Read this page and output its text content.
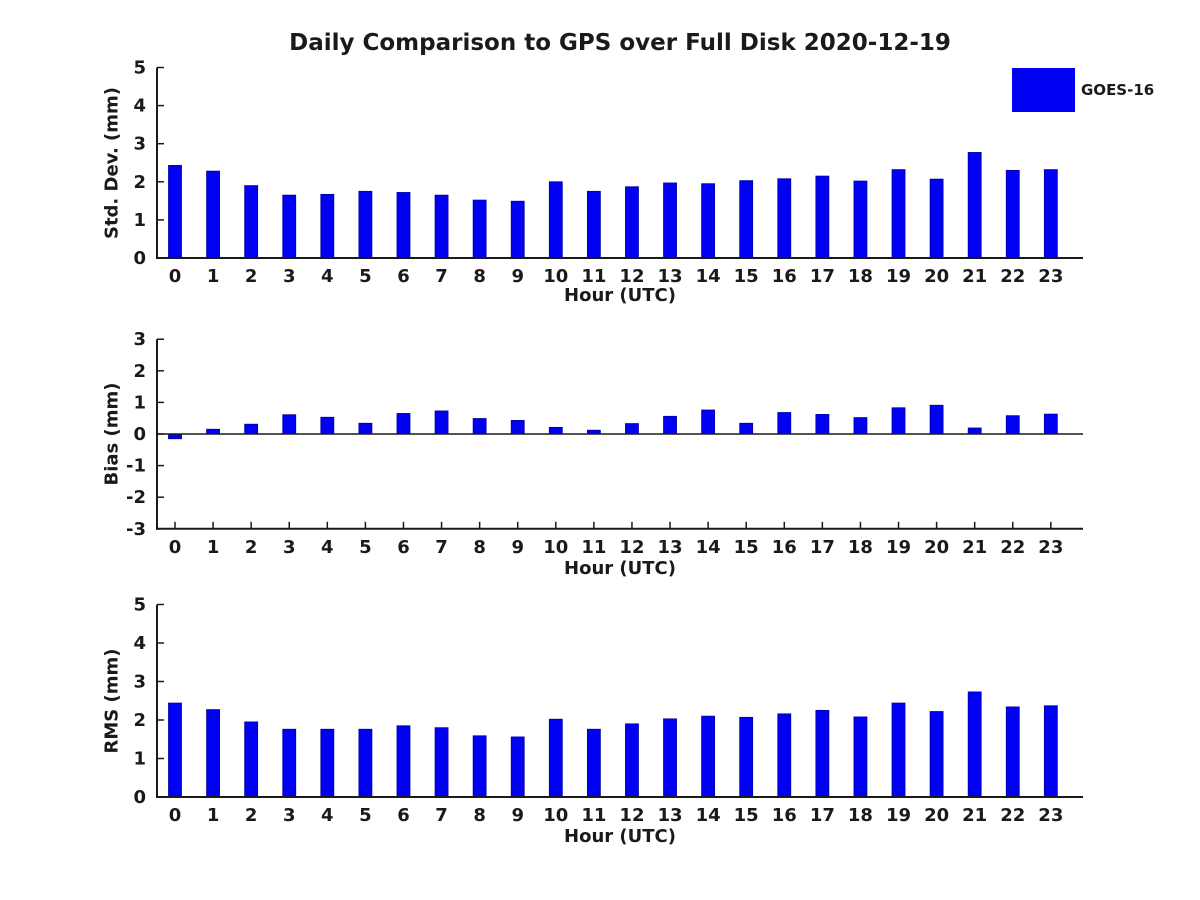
Daily Comparison to GPS over Full Disk 2020-12-19
GOES-16
0
1
2
3
4
5
0 1 2 3 4 5 6 7 8 9 10 11 12 13 14 15 16 17 18 19 20 21 22 23
-3
-2
-1
0
1
2
3
0 1 2 3 4 5 6 7 8 9 10 11 12 13 14 15 16 17 18 19 20 21 22 23
0
1
2
3
4
5
0 1 2 3 4 5 6 7 8 9 10 11 12 13 14 15 16 17 18 19 20 21 22 23
Std. Dev. (mm)
Bias (mm)
RMS (mm)
Hour (UTC)
Hour (UTC)
Hour (UTC)
